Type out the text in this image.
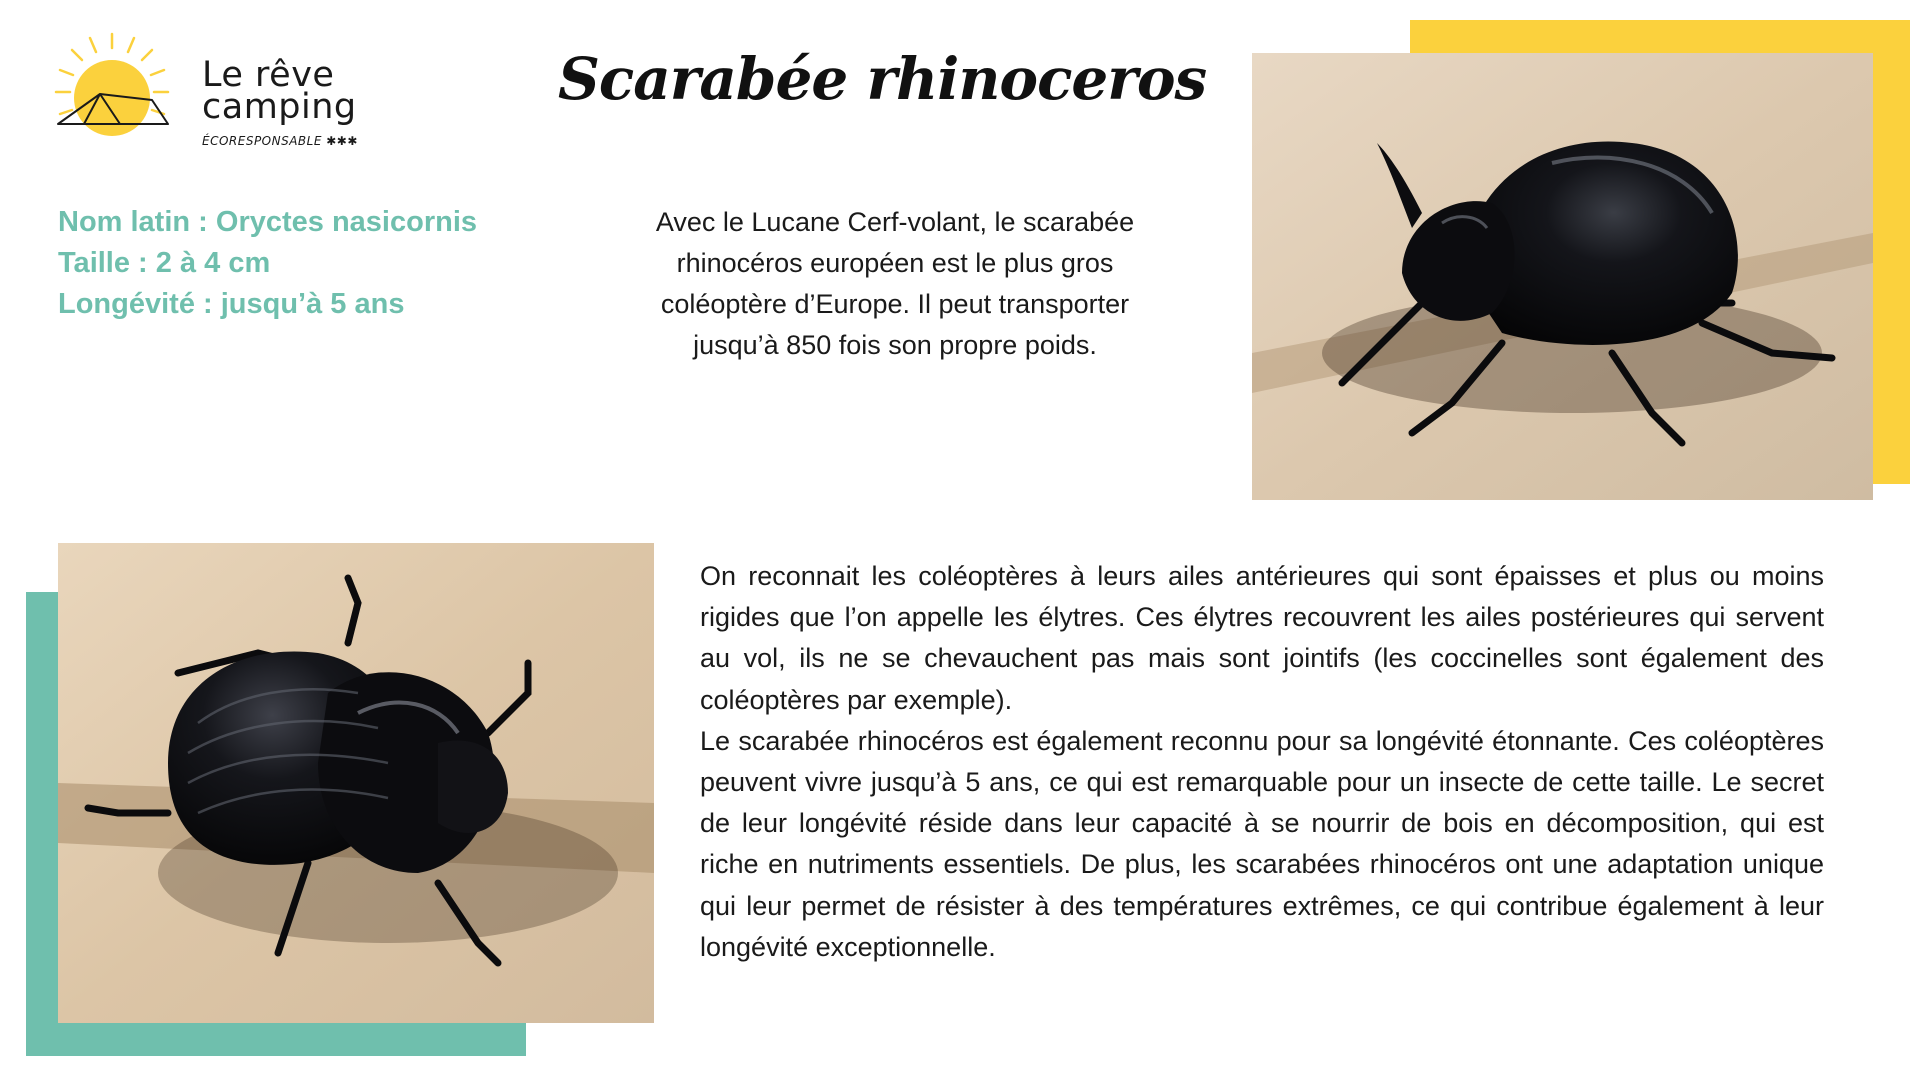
Le rêve
camping
ÉCORESPONSABLE ✱✱✱
Scarabée rhinoceros
Nom latin : Oryctes nasicornis
Taille : 2 à 4 cm
Longévité : jusqu’à 5 ans

Avec le Lucane Cerf-volant, le scarabée rhinocéros européen est le plus gros coléoptère d’Europe. Il peut transporter jusqu’à 850 fois son propre poids.

On reconnait les coléoptères à leurs ailes antérieures qui sont épaisses et plus ou moins rigides que l’on appelle les élytres. Ces élytres recouvrent les ailes postérieures qui servent au vol, ils ne se chevauchent pas mais sont jointifs (les coccinelles sont également des coléoptères par exemple).

Le scarabée rhinocéros est également reconnu pour sa longévité étonnante. Ces coléoptères peuvent vivre jusqu’à 5 ans, ce qui est remarquable pour un insecte de cette taille. Le secret de leur longévité réside dans leur capacité à se nourrir de bois en décomposition, qui est riche en nutriments essentiels. De plus, les scarabées rhinocéros ont une adaptation unique qui leur permet de résister à des températures extrêmes, ce qui contribue également à leur longévité exceptionnelle.
